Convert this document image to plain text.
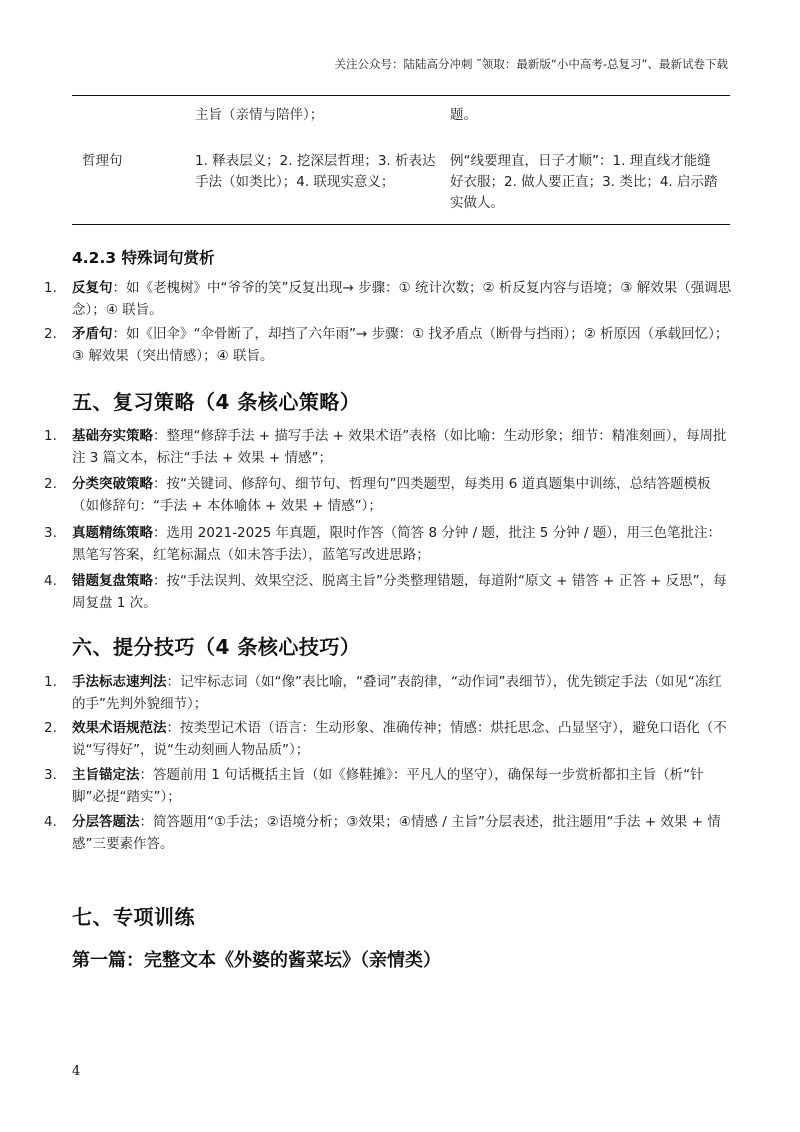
关注公众号：陆陆高分冲刺 ˜领取：最新版“小中高考-总复习”、最新试卷下载
主旨（亲情与陪伴）；	题。
哲理句	1. 释表层义；2. 挖深层哲理；3. 析表达手法（如类比）；4. 联现实意义；
例“线要理直，日子才顺”：1. 理直线才能缝好衣服；2. 做人要正直；3. 类比；4. 启示踏实做人。
4.2.3 特殊词句赏析
1. 反复句：如《老槐树》中“爷爷的笑”反复出现→ 步骤：① 统计次数；② 析反复内容与语境；③ 解效果（强调思念）；④ 联旨。
2. 矛盾句：如《旧伞》“伞骨断了，却挡了六年雨”→ 步骤：① 找矛盾点（断骨与挡雨）；② 析原因（承载回忆）；③ 解效果（突出情感）；④ 联旨。
五、复习策略（4 条核心策略）
1. 基础夯实策略：整理“修辞手法 + 描写手法 + 效果术语”表格（如比喻：生动形象；细节：精准刻画），每周批注 3 篇文本，标注“手法 + 效果 + 情感”；
2. 分类突破策略：按“关键词、修辞句、细节句、哲理句”四类题型，每类用 6 道真题集中训练，总结答题模板（如修辞句：“手法 + 本体喻体 + 效果 + 情感”）；
3. 真题精练策略：选用 2021-2025 年真题，限时作答（简答 8 分钟 / 题，批注 5 分钟 / 题），用三色笔批注：黑笔写答案，红笔标漏点（如未答手法），蓝笔写改进思路；
4. 错题复盘策略：按“手法误判、效果空泛、脱离主旨”分类整理错题，每道附“原文 + 错答 + 正答 + 反思”，每周复盘 1 次。
六、提分技巧（4 条核心技巧）
1. 手法标志速判法：记牢标志词（如“像”表比喻，“叠词”表韵律，“动作词”表细节），优先锁定手法（如见“冻红的手”先判外貌细节）；
2. 效果术语规范法：按类型记术语（语言：生动形象、准确传神；情感：烘托思念、凸显坚守），避免口语化（不说“写得好”，说“生动刻画人物品质”）；
3. 主旨锚定法：答题前用 1 句话概括主旨（如《修鞋摊》：平凡人的坚守），确保每一步赏析都扣主旨（析“针脚”必提“踏实”）；
4. 分层答题法：简答题用“①手法；②语境分析；③效果；④情感 / 主旨”分层表述，批注题用“手法 + 效果 + 情感”三要素作答。
七、专项训练
第一篇：完整文本《外婆的酱菜坛》（亲情类）
4
